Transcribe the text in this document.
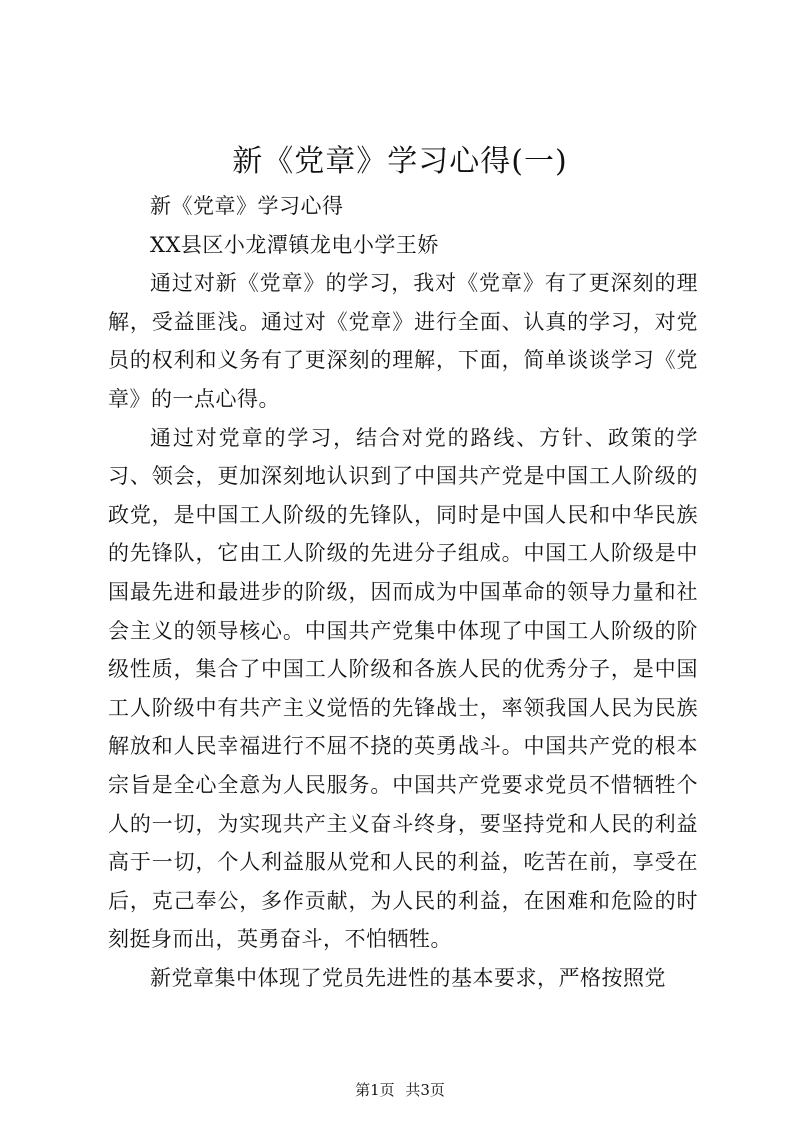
新《党章》学习心得(一)

新《党章》学习心得

XX县区小龙潭镇龙电小学王娇

通过对新《党章》的学习，我对《党章》有了更深刻的理解，受益匪浅。通过对《党章》进行全面、认真的学习，对党员的权利和义务有了更深刻的理解，下面，简单谈谈学习《党章》的一点心得。

通过对党章的学习，结合对党的路线、方针、政策的学习、领会，更加深刻地认识到了中国共产党是中国工人阶级的政党，是中国工人阶级的先锋队，同时是中国人民和中华民族的先锋队，它由工人阶级的先进分子组成。中国工人阶级是中国最先进和最进步的阶级，因而成为中国革命的领导力量和社会主义的领导核心。中国共产党集中体现了中国工人阶级的阶级性质，集合了中国工人阶级和各族人民的优秀分子，是中国工人阶级中有共产主义觉悟的先锋战士，率领我国人民为民族解放和人民幸福进行不屈不挠的英勇战斗。中国共产党的根本宗旨是全心全意为人民服务。中国共产党要求党员不惜牺牲个人的一切，为实现共产主义奋斗终身，要坚持党和人民的利益高于一切，个人利益服从党和人民的利益，吃苦在前，享受在后，克己奉公，多作贡献，为人民的利益，在困难和危险的时刻挺身而出，英勇奋斗，不怕牺牲。

新党章集中体现了党员先进性的基本要求，严格按照党

第1页 共3页
